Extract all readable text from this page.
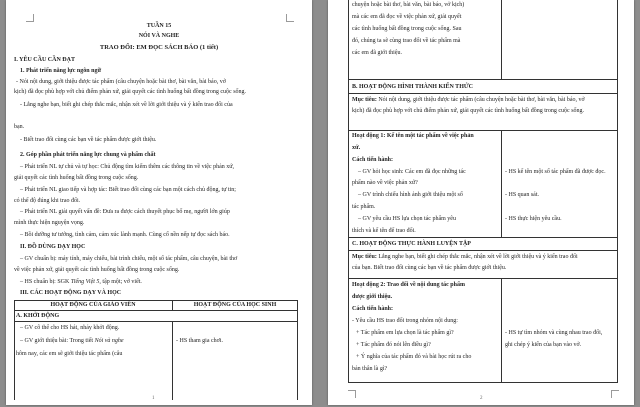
TUẦN 15
NÓI VÀ NGHE
TRAO ĐỔI: EM ĐỌC SÁCH BÁO (1 tiết)
I. YÊU CẦU CẦN ĐẠT
1. Phát triển năng lực ngôn ngữ
- Nói nội dung, giới thiệu được tác phẩm (câu chuyện hoặc bài thơ, bài văn, bài báo, vở
kịch) đã đọc phù hợp với chủ điểm phản xứ, giải quyết các tình huống bất đồng trong cuộc sống.
- Lắng nghe bạn, biết ghi chép thắc mắc, nhận xét về lời giới thiệu và ý kiến trao đổi của
bạn.
- Biết trao đổi cùng các bạn về tác phẩm được giới thiệu.
2. Góp phần phát triển năng lực chung và phẩm chất
– Phát triển NL tự chủ và tự học: Chủ động tìm kiếm thêm các thông tin về việc phản xứ,
giải quyết các tình huống bất đồng trong cuộc sống.
– Phát triển NL giao tiếp và hợp tác: Biết trao đổi cùng các bạn một cách chủ động, tự tin;
có thể độ đúng khi trao đổi.
– Phát triển NL giải quyết vấn đề: Đưa ra được cách thuyết phục bố mẹ, người lớn giúp
mình thực hiện nguyện vọng.
– Bồi dưỡng tư tưởng, tình cảm, cảm xúc lành mạnh. Cùng cố nền nếp tự đọc sách báo.
II. ĐỒ DÙNG DẠY HỌC
– GV chuẩn bị: máy tính, máy chiếu, bài trình chiếu, một số tác phẩm, câu chuyện, bài thơ
về việc phản xứ, giải quyết các tình huống bất đồng trong cuộc sống.
– HS chuẩn bị: SGK Tiếng Việt 5, tập một; vở viết.
III. CÁC HOẠT ĐỘNG DẠY VÀ HỌC
HOẠT ĐỘNG CỦA GIÁO VIÊN	HOẠT ĐỘNG CỦA HỌC SINH
A. KHỞI ĐỘNG
– GV cô thể cho HS hát, nhảy khởi động.
– GV giới thiệu bài: Trong tiết Nói và nghe
hôm nay, các em sẽ giới thiệu tác phẩm (câu
- HS tham gia chơi.
1
chuyện hoặc bài thơ, bài văn, bài báo, vở kịch)
mà các em đã đọc về việc phản xứ, giải quyết
các tình huống bất đồng trong cuộc sống. Sau
đó, chúng ta sẽ cùng trao đổi về tác phẩm mà
các em đã giới thiệu.
B. HOẠT ĐỘNG HÌNH THÀNH KIẾN THỨC
Mục tiêu: Nói nội dung, giới thiệu được tác phẩm (câu chuyện hoặc bài thơ, bài văn, bài báo, vở
kịch) đã đọc phù hợp với chủ điểm phản xứ, giải quyết các tình huống bất đồng trong cuộc sống.
Hoạt động 1: Kể tên một tác phẩm về việc phản
xứ.
Cách tiến hành:
– GV hỏi học sinh: Các em đã đọc những tác
phẩm nào về việc phản xứ?
– GV trình chiếu hình ảnh giới thiệu một số
tác phẩm.
– GV yêu cầu HS lựa chọn tác phẩm yêu
thích và kể tên để trao đổi.
- HS kể tên một số tác phẩm đã được đọc.
- HS quan sát.
- HS thực hiện yêu cầu.
C. HOẠT ĐỘNG THỰC HÀNH LUYỆN TẬP
Mục tiêu: Lắng nghe bạn, biết ghi chép thắc mắc, nhận xét về lời giới thiệu và ý kiến trao đổi
của bạn. Biết trao đổi cùng các bạn về tác phẩm được giới thiệu.
Hoạt động 2: Trao đổi về nội dung tác phẩm
được giới thiệu.
Cách tiến hành:
- Yêu cầu HS trao đổi trong nhóm nội dung:
+ Tác phẩm em lựa chọn là tác phẩm gì?
+ Tác phẩm đó nói lên điều gì?
+ Ý nghĩa của tác phẩm đó và bài học rút ra cho
bản thân là gì?
- HS tự tìm nhóm và cùng nhau trao đổi,
ghi chép ý kiến của bạn vào vở.
2
